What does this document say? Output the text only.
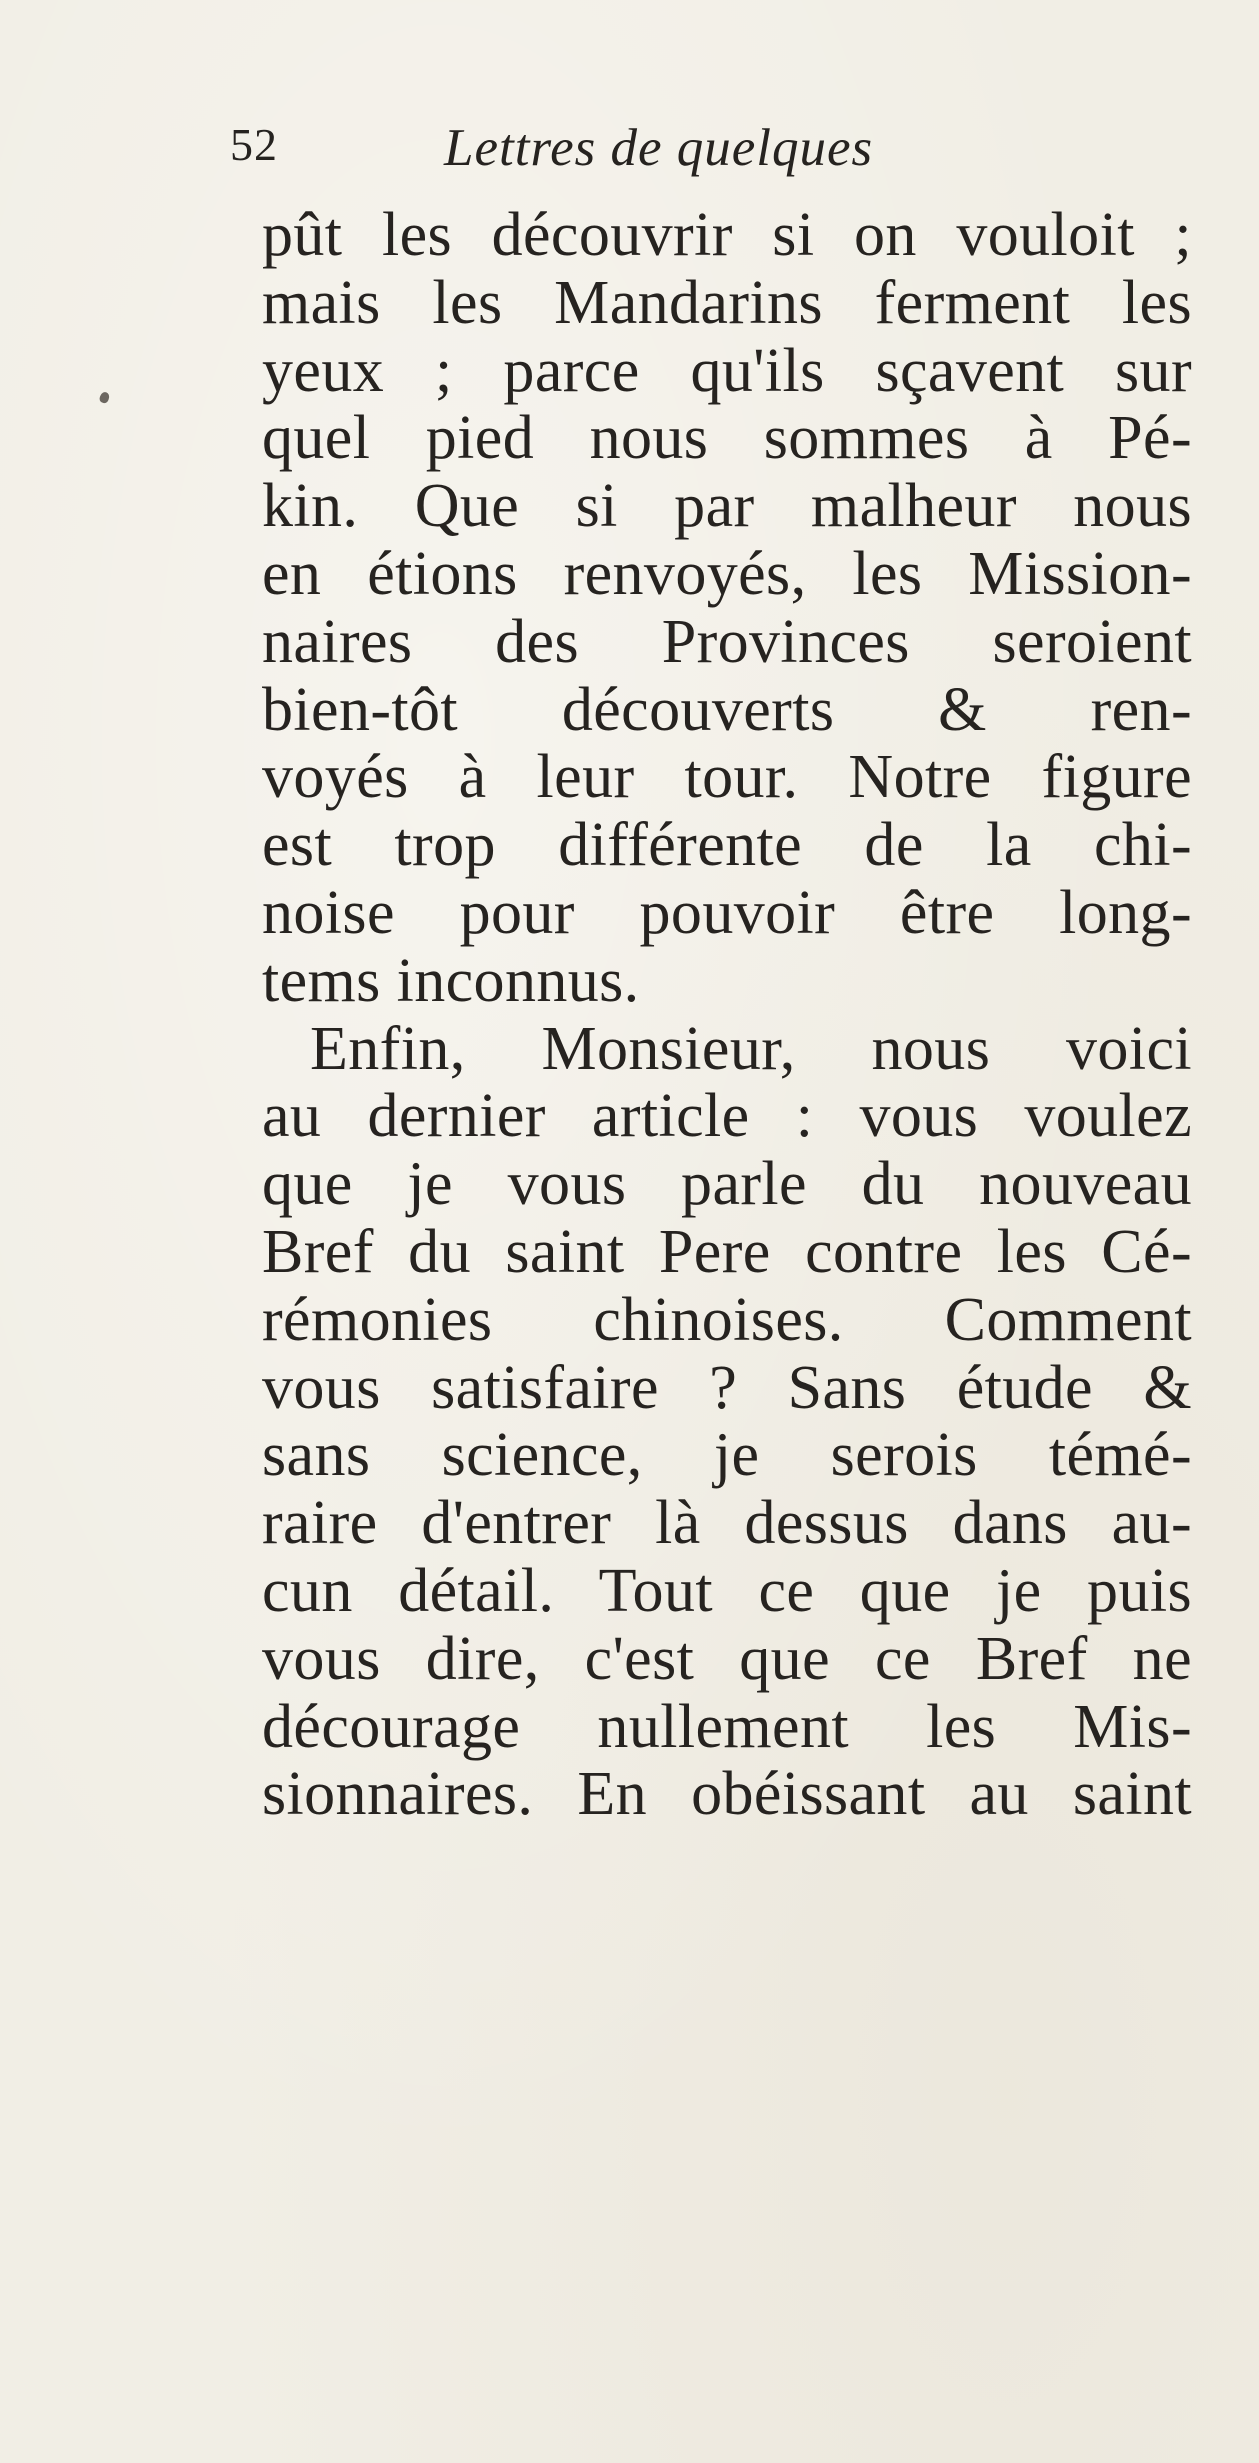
52	Lettres de quelques
pût les découvrir si on vouloit ;
mais les Mandarins ferment les
yeux ; parce qu'ils sçavent sur
quel pied nous sommes à Pé-
kin. Que si par malheur nous
en étions renvoyés, les Mission-
naires des Provinces seroient
bien-tôt découverts & ren-
voyés à leur tour. Notre figure
est trop différente de la chi-
noise pour pouvoir être long-
tems inconnus.
Enfin, Monsieur, nous voici
au dernier article : vous voulez
que je vous parle du nouveau
Bref du saint Pere contre les Cé-
rémonies chinoises. Comment
vous satisfaire ? Sans étude &
sans science, je serois témé-
raire d'entrer là dessus dans au-
cun détail. Tout ce que je puis
vous dire, c'est que ce Bref ne
décourage nullement les Mis-
sionnaires. En obéissant au saint
